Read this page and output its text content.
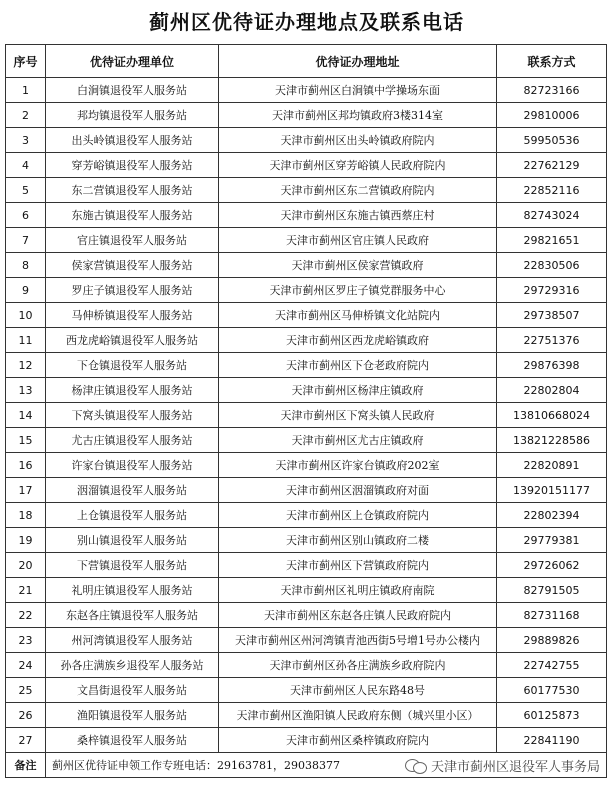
蓟州区优待证办理地点及联系电话
序号	优待证办理单位	优待证办理地址	联系方式
1	白涧镇退役军人服务站	天津市蓟州区白涧镇中学操场东面	82723166
2	邦均镇退役军人服务站	天津市蓟州区邦均镇政府3楼314室	29810006
3	出头岭镇退役军人服务站	天津市蓟州区出头岭镇政府院内	59950536
4	穿芳峪镇退役军人服务站	天津市蓟州区穿芳峪镇人民政府院内	22762129
5	东二营镇退役军人服务站	天津市蓟州区东二营镇政府院内	22852116
6	东施古镇退役军人服务站	天津市蓟州区东施古镇西蔡庄村	82743024
7	官庄镇退役军人服务站	天津市蓟州区官庄镇人民政府	29821651
8	侯家营镇退役军人服务站	天津市蓟州区侯家营镇政府	22830506
9	罗庄子镇退役军人服务站	天津市蓟州区罗庄子镇党群服务中心	29729316
10	马伸桥镇退役军人服务站	天津市蓟州区马伸桥镇文化站院内	29738507
11	西龙虎峪镇退役军人服务站	天津市蓟州区西龙虎峪镇政府	22751376
12	下仓镇退役军人服务站	天津市蓟州区下仓老政府院内	29876398
13	杨津庄镇退役军人服务站	天津市蓟州区杨津庄镇政府	22802804
14	下窝头镇退役军人服务站	天津市蓟州区下窝头镇人民政府	13810668024
15	尤古庄镇退役军人服务站	天津市蓟州区尤古庄镇政府	13821228586
16	许家台镇退役军人服务站	天津市蓟州区许家台镇政府202室	22820891
17	洇溜镇退役军人服务站	天津市蓟州区洇溜镇政府对面	13920151177
18	上仓镇退役军人服务站	天津市蓟州区上仓镇政府院内	22802394
19	别山镇退役军人服务站	天津市蓟州区别山镇政府二楼	29779381
20	下营镇退役军人服务站	天津市蓟州区下营镇政府院内	29726062
21	礼明庄镇退役军人服务站	天津市蓟州区礼明庄镇政府南院	82791505
22	东赵各庄镇退役军人服务站	天津市蓟州区东赵各庄镇人民政府院内	82731168
23	州河湾镇退役军人服务站	天津市蓟州区州河湾镇青池西街5号增1号办公楼内	29889826
24	孙各庄满族乡退役军人服务站	天津市蓟州区孙各庄满族乡政府院内	22742755
25	文昌街退役军人服务站	天津市蓟州区人民东路48号	60177530
26	渔阳镇退役军人服务站	天津市蓟州区渔阳镇人民政府东侧（城兴里小区）	60125873
27	桑梓镇退役军人服务站	天津市蓟州区桑梓镇政府院内	22841190
备注	蓟州区优待证申领工作专班电话：29163781，29038377 天津市蓟州区退役军人事务局		
